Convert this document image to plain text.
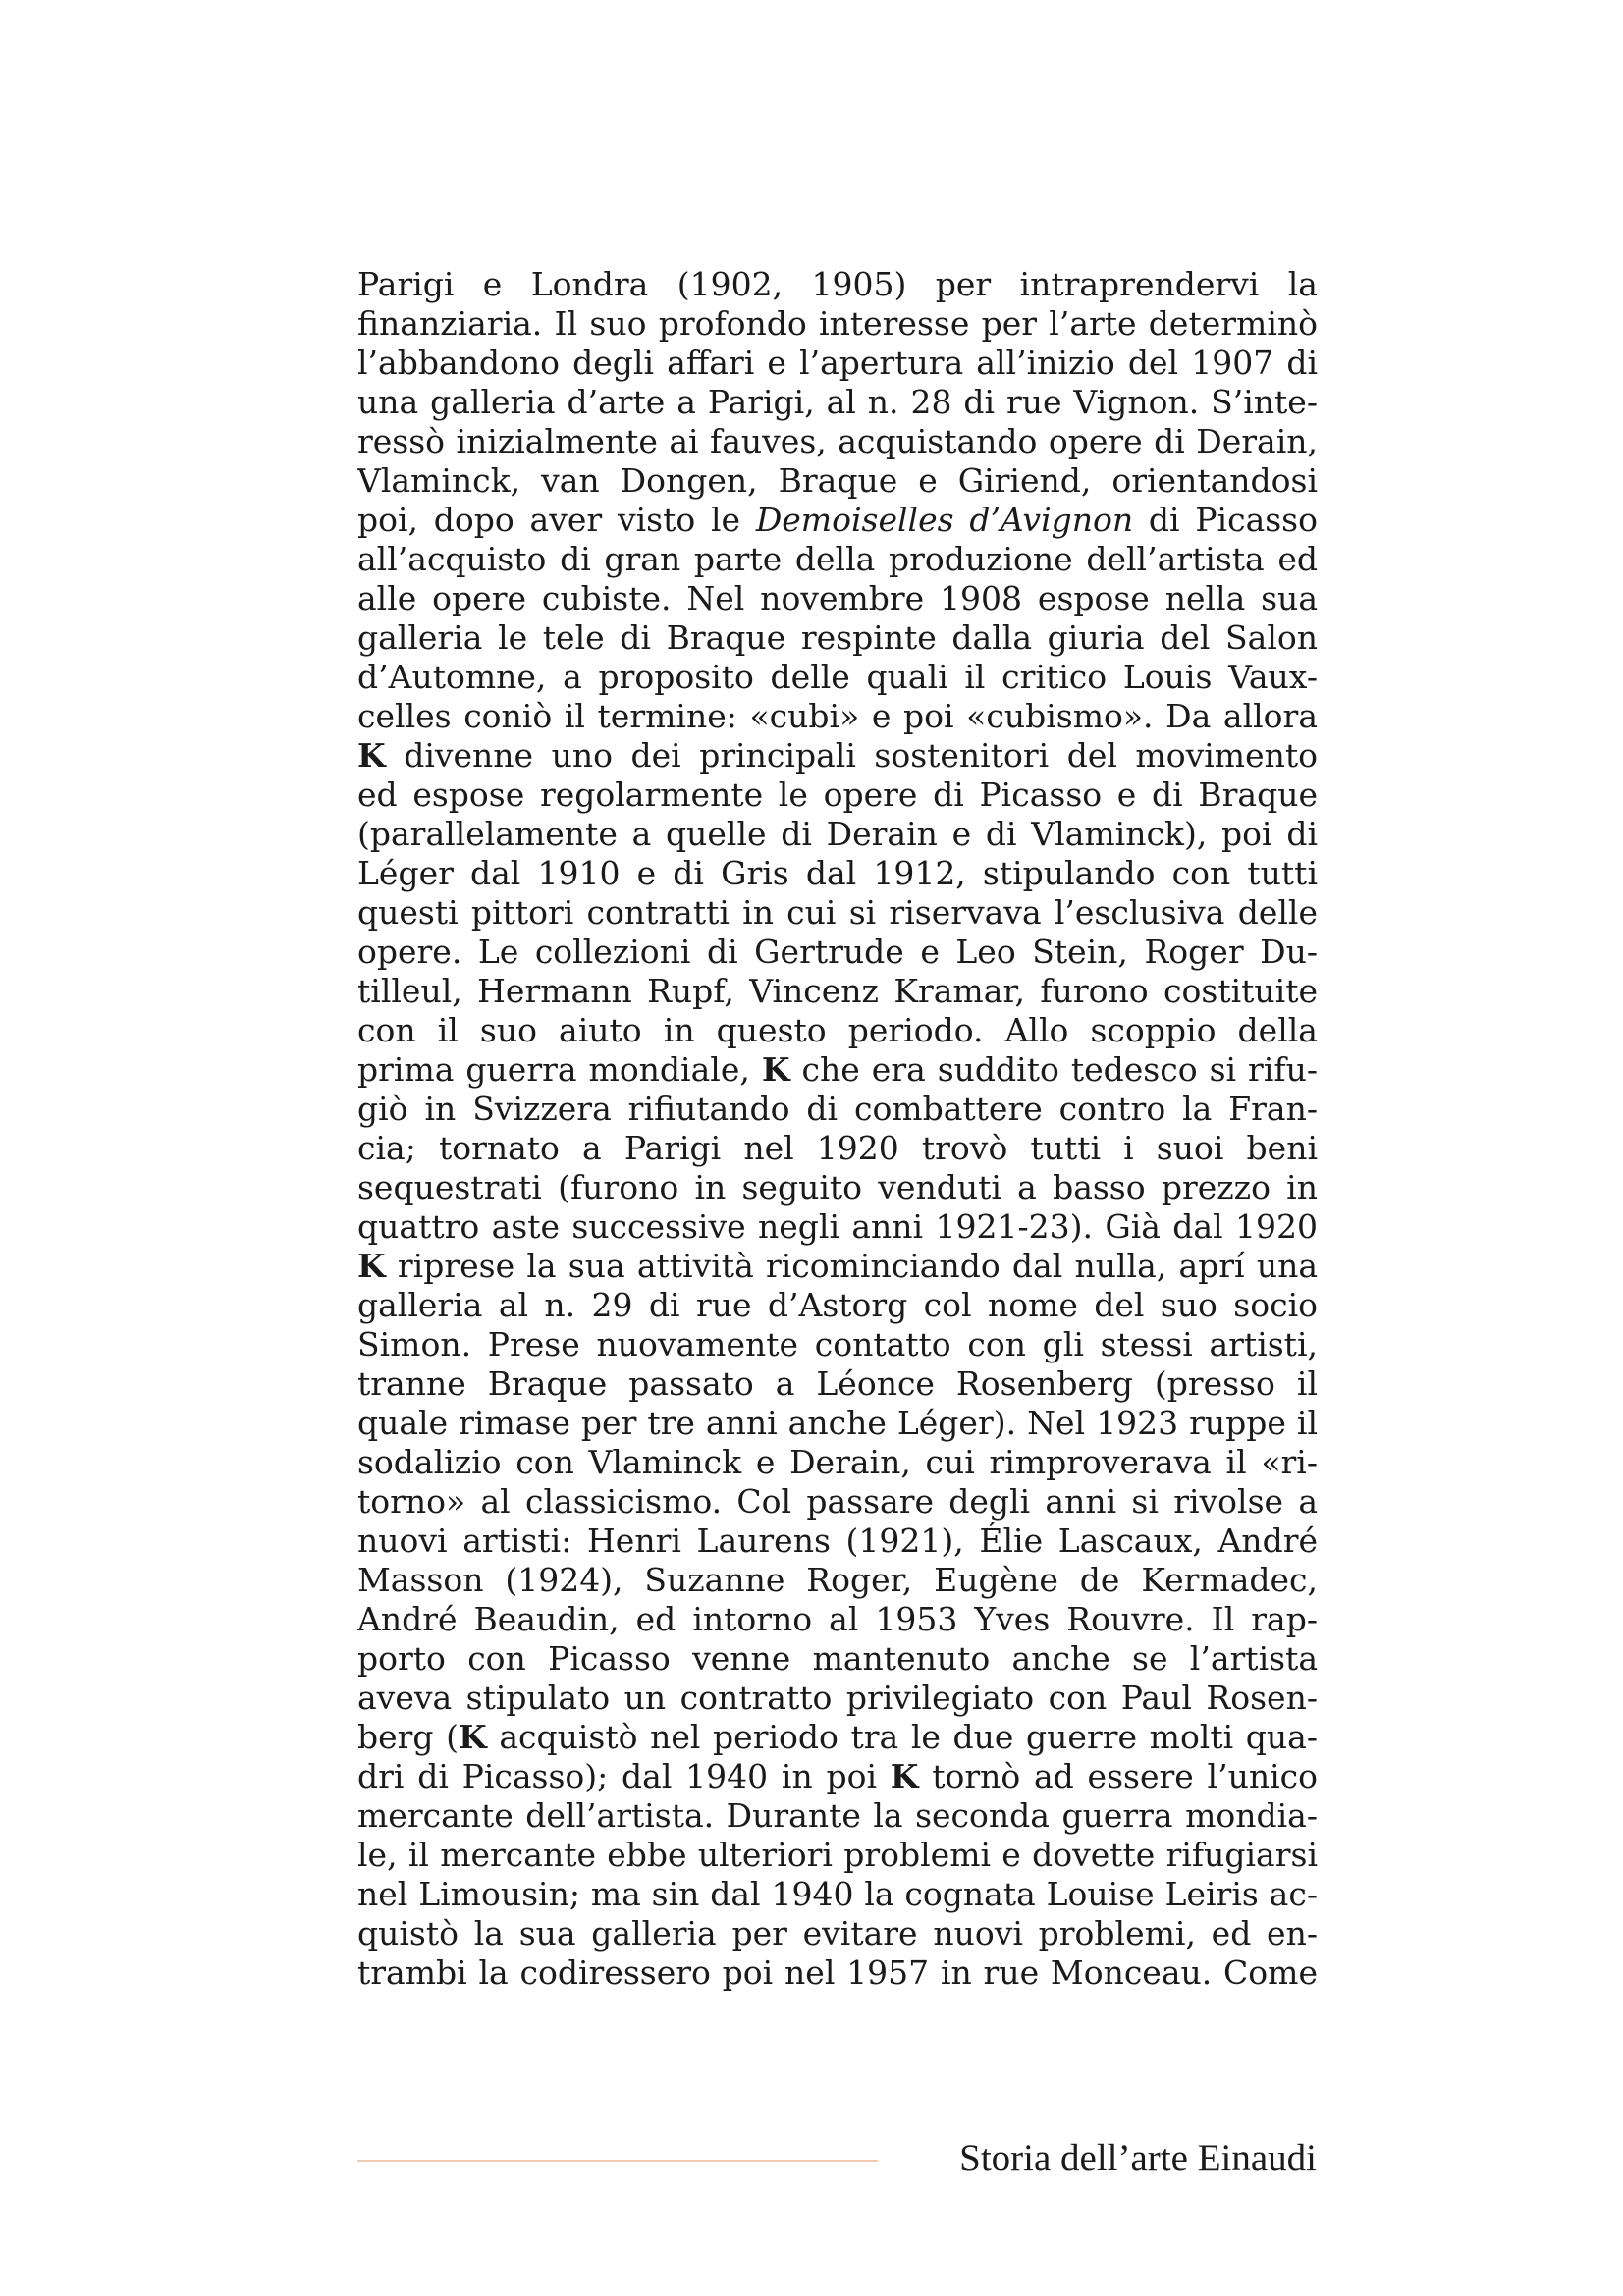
Parigi e Londra (1902, 1905) per intraprendervi la
finanziaria. Il suo profondo interesse per l’arte determinò
l’abbandono degli affari e l’apertura all’inizio del 1907 di
una galleria d’arte a Parigi, al n. 28 di rue Vignon. S’inte-
ressò inizialmente ai fauves, acquistando opere di Derain,
Vlaminck, van Dongen, Braque e Giriend, orientandosi
poi, dopo aver visto le Demoiselles d’Avignon di Picasso
all’acquisto di gran parte della produzione dell’artista ed
alle opere cubiste. Nel novembre 1908 espose nella sua
galleria le tele di Braque respinte dalla giuria del Salon
d’Automne, a proposito delle quali il critico Louis Vaux-
celles coniò il termine: «cubi» e poi «cubismo». Da allora
K divenne uno dei principali sostenitori del movimento
ed espose regolarmente le opere di Picasso e di Braque
(parallelamente a quelle di Derain e di Vlaminck), poi di
Léger dal 1910 e di Gris dal 1912, stipulando con tutti
questi pittori contratti in cui si riservava l’esclusiva delle
opere. Le collezioni di Gertrude e Leo Stein, Roger Du-
tilleul, Hermann Rupf, Vincenz Kramar, furono costituite
con il suo aiuto in questo periodo. Allo scoppio della
prima guerra mondiale, K che era suddito tedesco si rifu-
giò in Svizzera rifiutando di combattere contro la Fran-
cia; tornato a Parigi nel 1920 trovò tutti i suoi beni
sequestrati (furono in seguito venduti a basso prezzo in
quattro aste successive negli anni 1921-23). Già dal 1920
K riprese la sua attività ricominciando dal nulla, aprí una
galleria al n. 29 di rue d’Astorg col nome del suo socio
Simon. Prese nuovamente contatto con gli stessi artisti,
tranne Braque passato a Léonce Rosenberg (presso il
quale rimase per tre anni anche Léger). Nel 1923 ruppe il
sodalizio con Vlaminck e Derain, cui rimproverava il «ri-
torno» al classicismo. Col passare degli anni si rivolse a
nuovi artisti: Henri Laurens (1921), Élie Lascaux, André
Masson (1924), Suzanne Roger, Eugène de Kermadec,
André Beaudin, ed intorno al 1953 Yves Rouvre. Il rap-
porto con Picasso venne mantenuto anche se l’artista
aveva stipulato un contratto privilegiato con Paul Rosen-
berg (K acquistò nel periodo tra le due guerre molti qua-
dri di Picasso); dal 1940 in poi K tornò ad essere l’unico
mercante dell’artista. Durante la seconda guerra mondia-
le, il mercante ebbe ulteriori problemi e dovette rifugiarsi
nel Limousin; ma sin dal 1940 la cognata Louise Leiris ac-
quistò la sua galleria per evitare nuovi problemi, ed en-
trambi la codiressero poi nel 1957 in rue Monceau. Come
Storia dell’arte Einaudi
